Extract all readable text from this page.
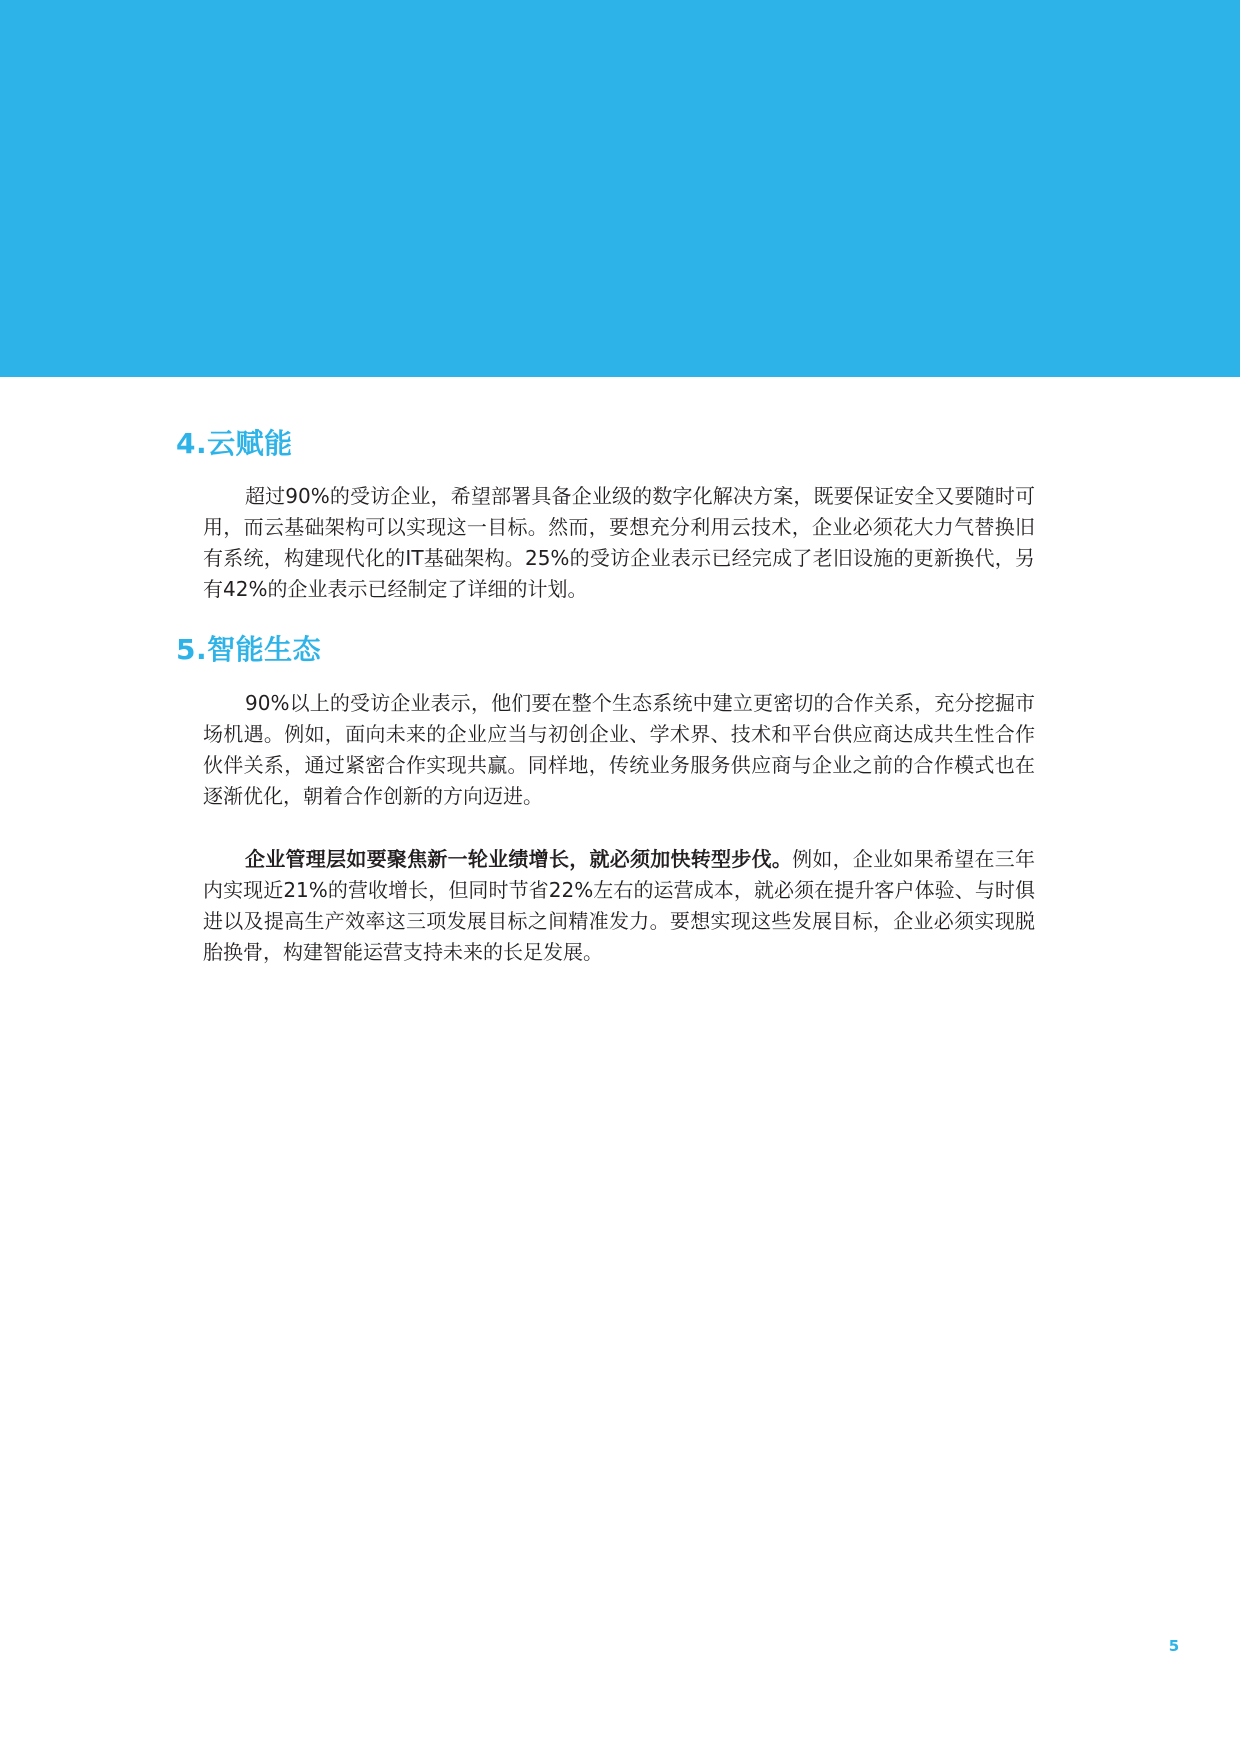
4.云赋能

超过90%的受访企业，希望部署具备企业级的数字化解决方案，既要保证安全又要随时可用，而云基础架构可以实现这一目标。然而，要想充分利用云技术，企业必须花大力气替换旧有系统，构建现代化的IT基础架构。25%的受访企业表示已经完成了老旧设施的更新换代，另有42%的企业表示已经制定了详细的计划。

5.智能生态

90%以上的受访企业表示，他们要在整个生态系统中建立更密切的合作关系，充分挖掘市场机遇。例如，面向未来的企业应当与初创企业、学术界、技术和平台供应商达成共生性合作伙伴关系，通过紧密合作实现共赢。同样地，传统业务服务供应商与企业之前的合作模式也在逐渐优化，朝着合作创新的方向迈进。

企业管理层如要聚焦新一轮业绩增长，就必须加快转型步伐。例如，企业如果希望在三年内实现近21%的营收增长，但同时节省22%左右的运营成本，就必须在提升客户体验、与时俱进以及提高生产效率这三项发展目标之间精准发力。要想实现这些发展目标，企业必须实现脱胎换骨，构建智能运营支持未来的长足发展。

5
